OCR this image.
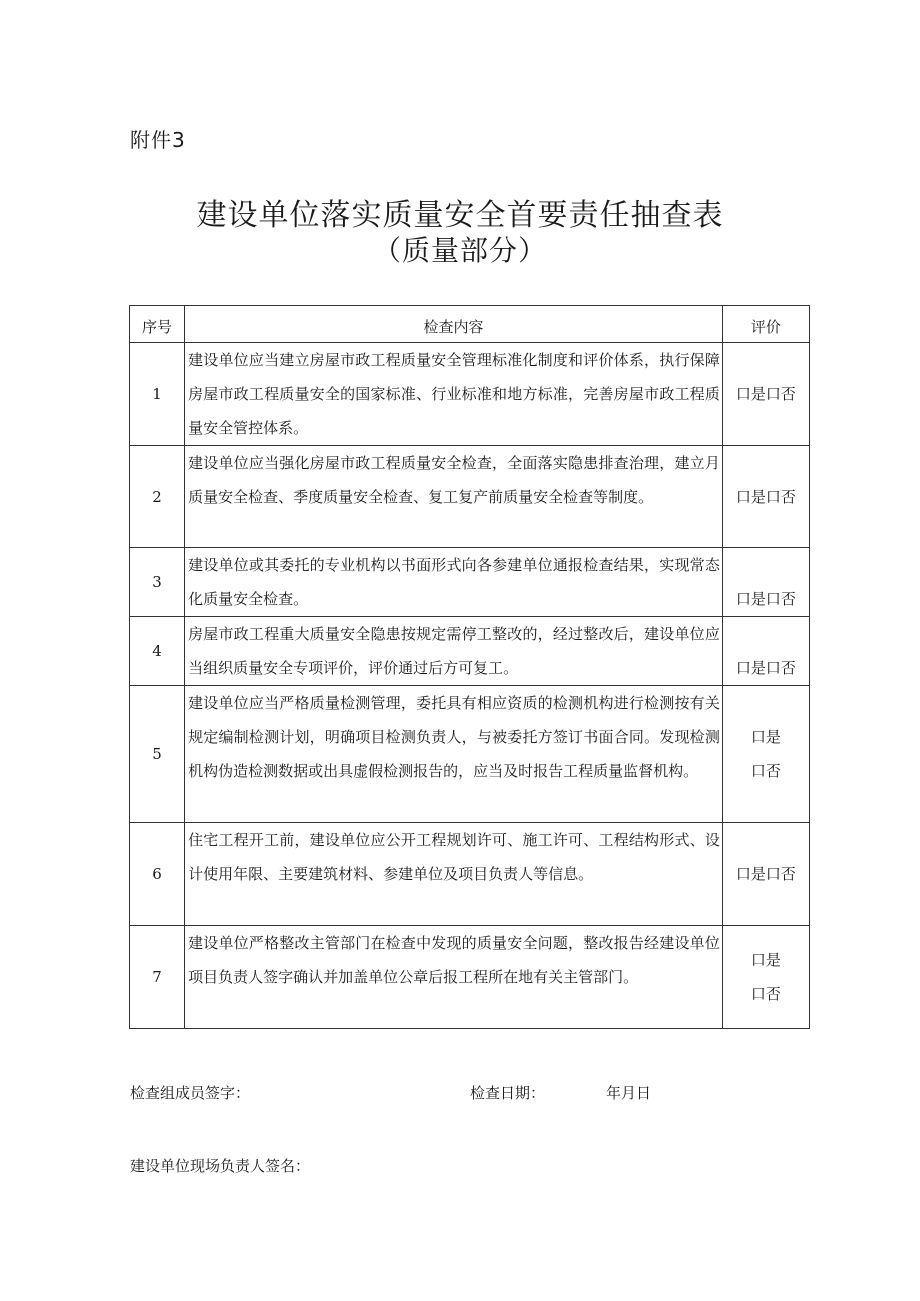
附件3
建设单位落实质量安全首要责任抽查表
（质量部分）
序号	检查内容	评价
1	建设单位应当建立房屋市政工程质量安全管理标准化制度和评价体系，执行保障房屋市政工程质量安全的国家标准、行业标准和地方标准，完善房屋市政工程质量安全管控体系。	口是口否
2	建设单位应当强化房屋市政工程质量安全检查，全面落实隐患排查治理，建立月质量安全检查、季度质量安全检查、复工复产前质量安全检查等制度。	口是口否
3	建设单位或其委托的专业机构以书面形式向各参建单位通报检查结果，实现常态化质量安全检查。	口是口否
4	房屋市政工程重大质量安全隐患按规定需停工整改的，经过整改后，建设单位应当组织质量安全专项评价，评价通过后方可复工。	口是口否
5	建设单位应当严格质量检测管理，委托具有相应资质的检测机构进行检测按有关规定编制检测计划，明确项目检测负责人，与被委托方签订书面合同。发现检测机构伪造检测数据或出具虚假检测报告的，应当及时报告工程质量监督机构。	口是
口否

6	住宅工程开工前，建设单位应公开工程规划许可、施工许可、工程结构形式、设计使用年限、主要建筑材料、参建单位及项目负责人等信息。	口是口否
7	建设单位严格整改主管部门在检查中发现的质量安全问题，整改报告经建设单位项目负责人签字确认并加盖单位公章后报工程所在地有关主管部门。	口是
口否
检查组成员签字：	检查日期：	年月日
建设单位现场负责人签名：
